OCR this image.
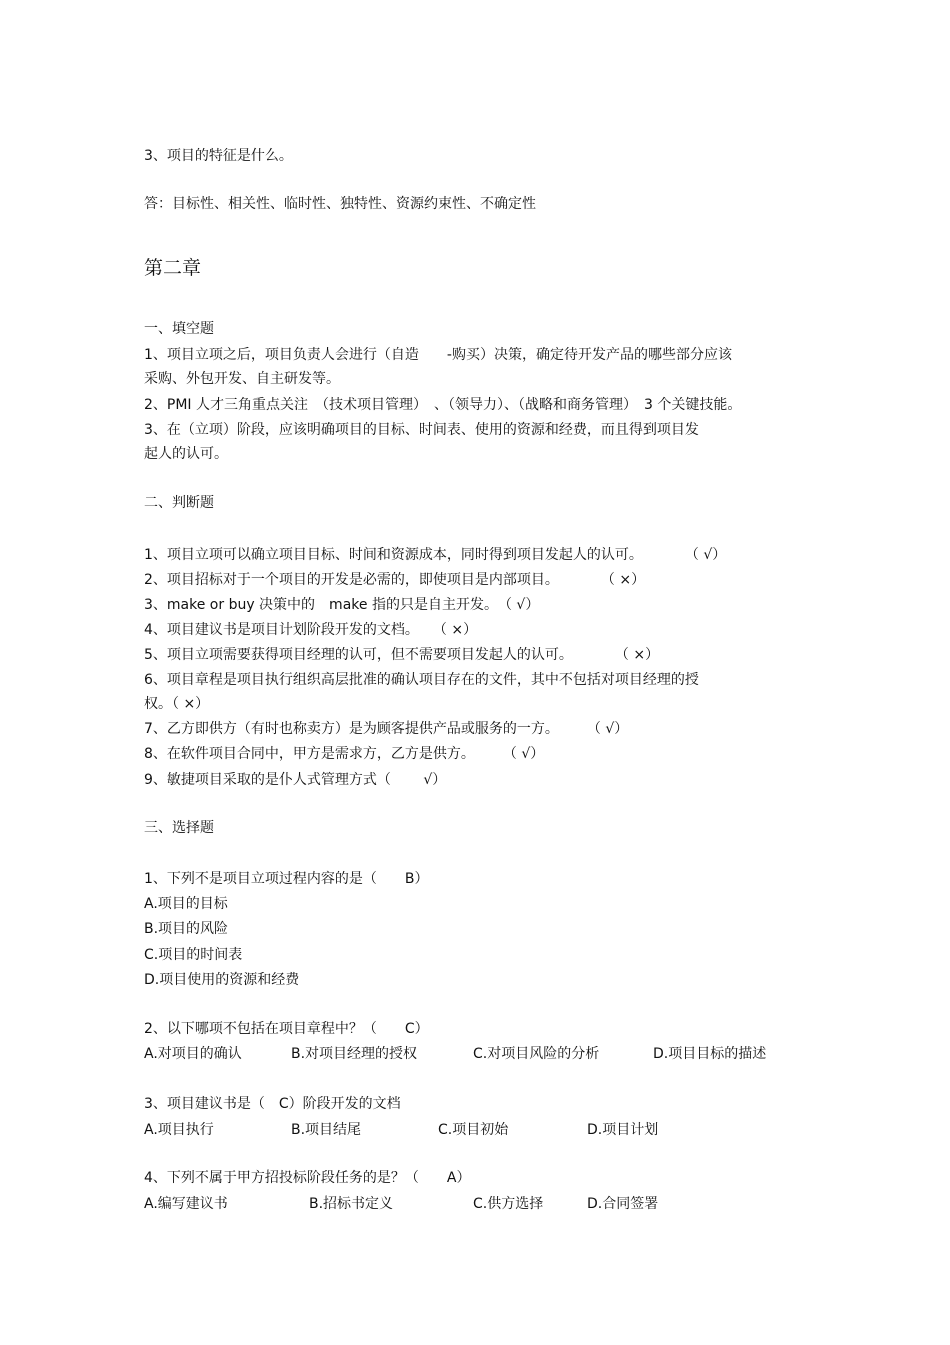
3、项目的特征是什么。
答：目标性、相关性、临时性、独特性、资源约束性、不确定性
第二章
一、填空题
1、项目立项之后，项目负责人会进行（自造　　-购买）决策，确定待开发产品的哪些部分应该
采购、外包开发、自主研发等。
2、PMI 人才三角重点关注　（技术项目管理）　、（领导力）、（战略和商务管理）　3 个关键技能。
3、在（立项）阶段，应该明确项目的目标、时间表、使用的资源和经费，而且得到项目发
起人的认可。
二、判断题
1、项目立项可以确立项目目标、时间和资源成本，同时得到项目发起人的认可。　　　　（ √）
2、项目招标对于一个项目的开发是必需的，即使项目是内部项目。　　　　（ ×）
3、make or buy 决策中的　make 指的只是自主开发。　（ √）
4、项目建议书是项目计划阶段开发的文档。　　（ ×）
5、项目立项需要获得项目经理的认可，但不需要项目发起人的认可。　　　　（ ×）
6、项目章程是项目执行组织高层批准的确认项目存在的文件，其中不包括对项目经理的授
权。（ ×）
7、乙方即供方（有时也称卖方）是为顾客提供产品或服务的一方。　　　（ √）
8、在软件项目合同中，甲方是需求方，乙方是供方。　　　（ √）
9、敏捷项目采取的是仆人式管理方式（　　 √）
三、选择题
1、下列不是项目立项过程内容的是（　　B）
A.项目的目标
B.项目的风险
C.项目的时间表
D.项目使用的资源和经费
2、以下哪项不包括在项目章程中？（　　C）
A.对项目的确认	B.对项目经理的授权	C.对项目风险的分析	D.项目目标的描述
3、项目建议书是（　C）阶段开发的文档
A.项目执行	B.项目结尾	C.项目初始	D.项目计划
4、下列不属于甲方招投标阶段任务的是？（　　A）
A.编写建议书	B.招标书定义	C.供方选择	D.合同签署
